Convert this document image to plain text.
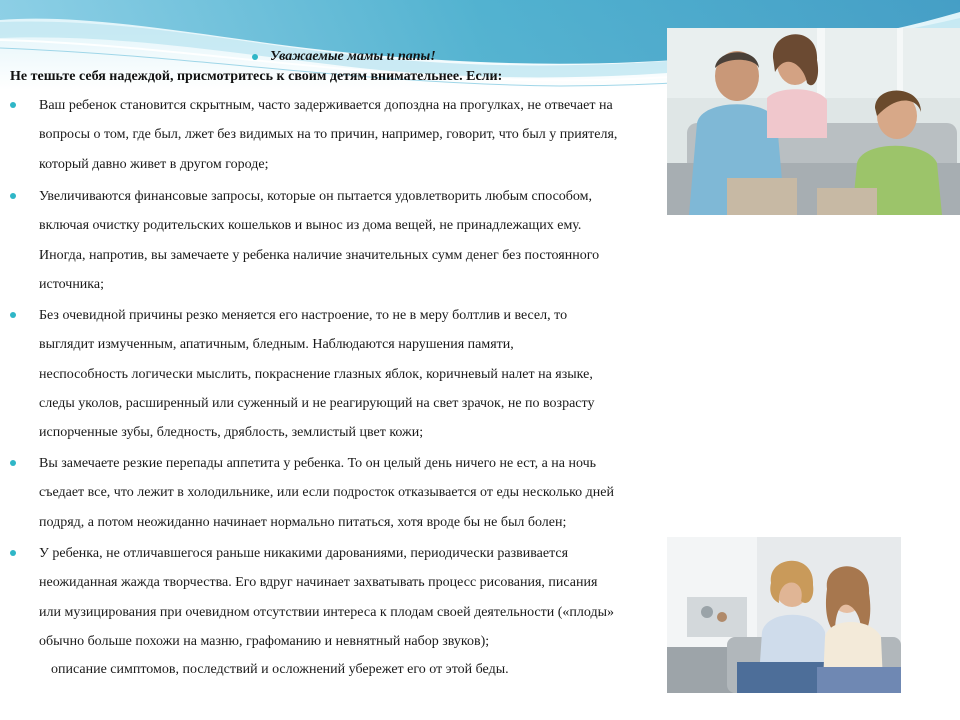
Уважаемые мамы и папы!
Не тешьте себя надеждой, присмотритесь к своим детям внимательнее. Если:
Ваш ребенок становится скрытным, часто задерживается допоздна на прогулках, не отвечает на
вопросы о том, где был, лжет без видимых на то причин, например, говорит, что был у приятеля,
который давно живет в другом городе;
Увеличиваются финансовые запросы, которые он пытается удовлетворить любым способом,
включая очистку родительских кошельков и вынос из дома вещей, не принадлежащих ему.
Иногда, напротив, вы замечаете у ребенка наличие значительных сумм денег без постоянного
источника;
Без очевидной причины резко меняется его настроение, то не в меру болтлив и весел, то
выглядит измученным, апатичным, бледным. Наблюдаются нарушения памяти,
неспособность логически мыслить, покраснение глазных яблок, коричневый налет на языке,
следы уколов, расширенный или суженный и не реагирующий на свет зрачок, не по возрасту
испорченные зубы, бледность, дряблость, землистый цвет кожи;
Вы замечаете резкие перепады аппетита у ребенка. То он целый день ничего не ест, а на ночь
съедает все, что лежит в холодильнике, или если подросток отказывается от еды несколько дней
подряд, а потом неожиданно начинает нормально питаться, хотя вроде бы не был болен;
У ребенка, не отличавшегося раньше никакими дарованиями, периодически развивается
неожиданная жажда творчества. Его вдруг начинает захватывать процесс рисования, писания
или музицирования при очевидном отсутствии интереса к плодам своей деятельности («плоды»
обычно больше похожи на мазню, графоманию и невнятный набор звуков);
описание симптомов, последствий и осложнений убережет его от этой беды.
